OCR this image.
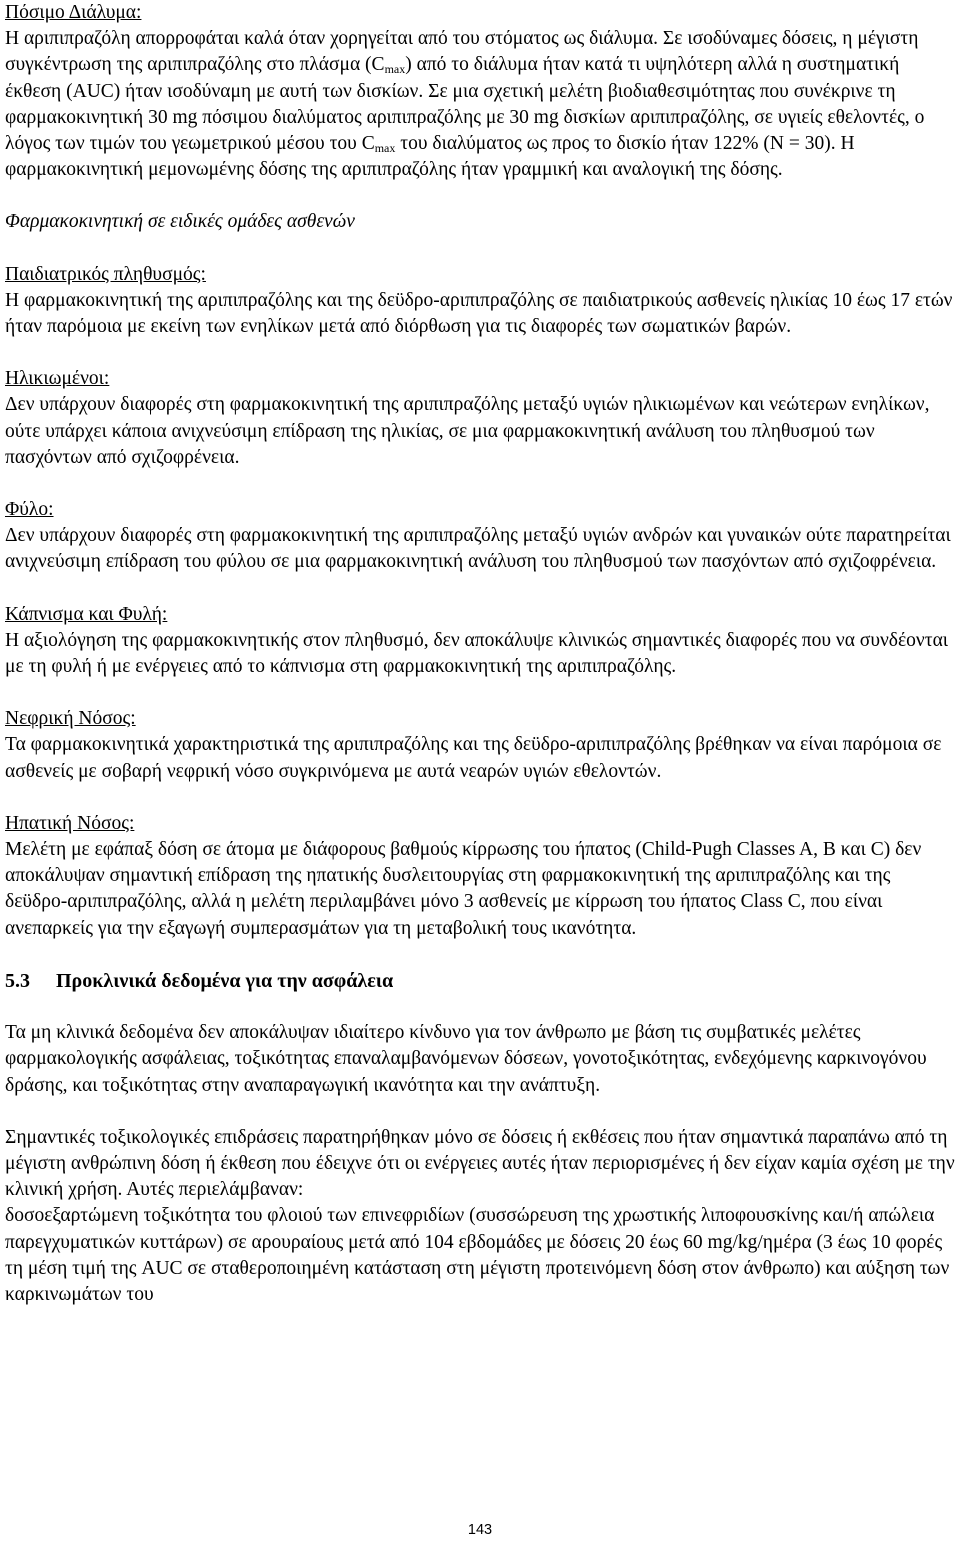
Πόσιμο Διάλυμα:
Η αριπιπραζόλη απορροφάται καλά όταν χορηγείται από του στόματος ως διάλυμα. Σε ισοδύναμες δόσεις, η μέγιστη συγκέντρωση της αριπιπραζόλης στο πλάσμα $(C_{max})$ από το διάλυμα ήταν κατά τι υψηλότερη αλλά η συστηματική έκθεση (AUC) ήταν ισοδύναμη με αυτή των δισκίων. Σε μια σχετική μελέτη βιοδιαθεσιμότητας που συνέκρινε τη φαρμακοκινητική 30 mg πόσιμου διαλύματος αριπιπραζόλης με 30 mg δισκίων αριπιπραζόλης, σε υγιείς εθελοντές, ο λόγος των τιμών του γεωμετρικού μέσου του $C_{max}$ του διαλύματος ως προς το δισκίο ήταν 122% (N = 30). Η φαρμακοκινητική μεμονωμένης δόσης της αριπιπραζόλης ήταν γραμμική και αναλογική της δόσης.
Φαρμακοκινητική σε ειδικές ομάδες ασθενών
Παιδιατρικός πληθυσμός:
Η φαρμακοκινητική της αριπιπραζόλης και της δεϋδρο-αριπιπραζόλης σε παιδιατρικούς ασθενείς ηλικίας 10 έως 17 ετών ήταν παρόμοια με εκείνη των ενηλίκων μετά από διόρθωση για τις διαφορές των σωματικών βαρών.
Ηλικιωμένοι:
Δεν υπάρχουν διαφορές στη φαρμακοκινητική της αριπιπραζόλης μεταξύ υγιών ηλικιωμένων και νεώτερων ενηλίκων, ούτε υπάρχει κάποια ανιχνεύσιμη επίδραση της ηλικίας, σε μια φαρμακοκινητική ανάλυση του πληθυσμού των πασχόντων από σχιζοφρένεια.
Φύλο:
Δεν υπάρχουν διαφορές στη φαρμακοκινητική της αριπιπραζόλης μεταξύ υγιών ανδρών και γυναικών ούτε παρατηρείται ανιχνεύσιμη επίδραση του φύλου σε μια φαρμακοκινητική ανάλυση του πληθυσμού των πασχόντων από σχιζοφρένεια.
Κάπνισμα και Φυλή:
Η αξιολόγηση της φαρμακοκινητικής στον πληθυσμό, δεν αποκάλυψε κλινικώς σημαντικές διαφορές που να συνδέονται με τη φυλή ή με ενέργειες από το κάπνισμα στη φαρμακοκινητική της αριπιπραζόλης.
Νεφρική Νόσος:
Τα φαρμακοκινητικά χαρακτηριστικά της αριπιπραζόλης και της δεϋδρο-αριπιπραζόλης βρέθηκαν να είναι παρόμοια σε ασθενείς με σοβαρή νεφρική νόσο συγκρινόμενα με αυτά νεαρών υγιών εθελοντών.
Ηπατική Νόσος:
Μελέτη με εφάπαξ δόση σε άτομα με διάφορους βαθμούς κίρρωσης του ήπατος (Child-Pugh Classes A, B και C) δεν αποκάλυψαν σημαντική επίδραση της ηπατικής δυσλειτουργίας στη φαρμακοκινητική της αριπιπραζόλης και της δεϋδρο-αριπιπραζόλης, αλλά η μελέτη περιλαμβάνει μόνο 3 ασθενείς με κίρρωση του ήπατος Class C, που είναι ανεπαρκείς για την εξαγωγή συμπερασμάτων για τη μεταβολική τους ικανότητα.
5.3 Προκλινικά δεδομένα για την ασφάλεια
Τα μη κλινικά δεδομένα δεν αποκάλυψαν ιδιαίτερο κίνδυνο για τον άνθρωπο με βάση τις συμβατικές μελέτες φαρμακολογικής ασφάλειας, τοξικότητας επαναλαμβανόμενων δόσεων, γονοτοξικότητας, ενδεχόμενης καρκινογόνου δράσης, και τοξικότητας στην αναπαραγωγική ικανότητα και την ανάπτυξη.
Σημαντικές τοξικολογικές επιδράσεις παρατηρήθηκαν μόνο σε δόσεις ή εκθέσεις που ήταν σημαντικά παραπάνω από τη μέγιστη ανθρώπινη δόση ή έκθεση που έδειχνε ότι οι ενέργειες αυτές ήταν περιορισμένες ή δεν είχαν καμία σχέση με την κλινική χρήση. Αυτές περιελάμβαναν:
δοσοεξαρτώμενη τοξικότητα του φλοιού των επινεφριδίων (συσσώρευση της χρωστικής λιποφουσκίνης και/ή απώλεια παρεγχυματικών κυττάρων) σε αρουραίους μετά από 104 εβδομάδες με δόσεις 20 έως 60 mg/kg/ημέρα (3 έως 10 φορές τη μέση τιμή της AUC σε σταθεροποιημένη κατάσταση στη μέγιστη προτεινόμενη δόση στον άνθρωπο) και αύξηση των καρκινωμάτων του
143
